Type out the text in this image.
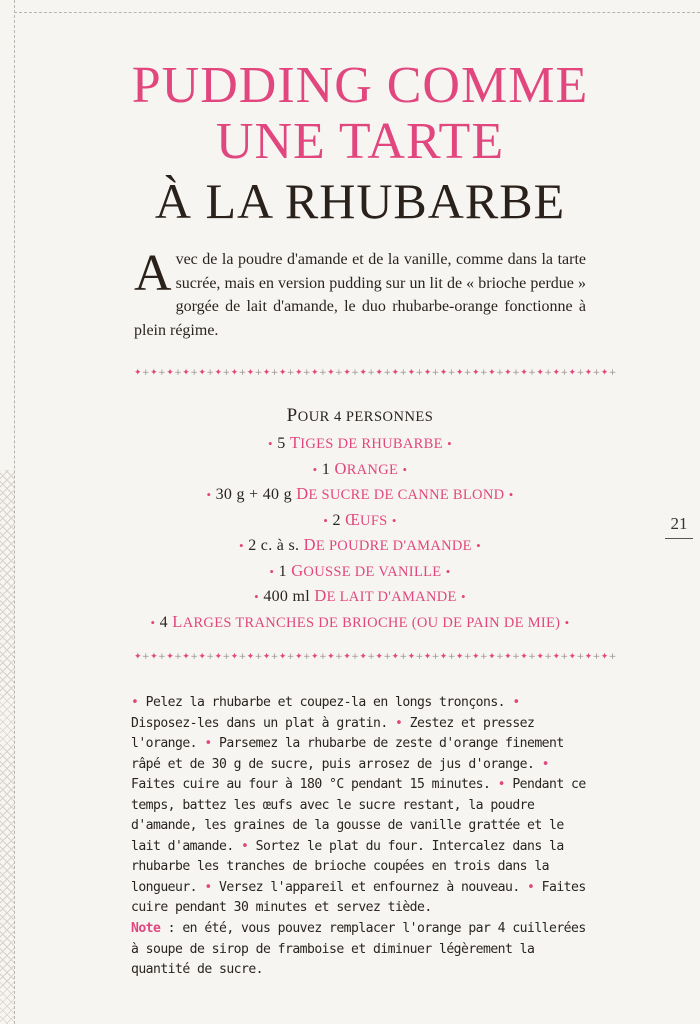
21
PUDDING COMME
UNE TARTE
À LA RHUBARBE

Avec de la poudre d'amande et de la vanille, comme dans la tarte sucrée, mais en version pudding sur un lit de « brioche perdue » gorgée de lait d'amande, le duo rhubarbe-orange fonctionne à plein régime.

✦+✦+✦+✦+✦+✦+✦+✦+✦+✦+✦+✦+✦+✦+✦+✦+✦+✦+✦+✦+✦+✦+✦+✦+✦+✦+✦+✦+✦+✦+

POUR 4 PERSONNES

• 5 TIGES DE RHUBARBE •
• 1 ORANGE •
• 30 g + 40 g DE SUCRE DE CANNE BLOND •
• 2 ŒUFS •
• 2 c. à s. DE POUDRE D'AMANDE •
• 1 GOUSSE DE VANILLE •
• 400 ml DE LAIT D'AMANDE •
• 4 LARGES TRANCHES DE BRIOCHE (OU DE PAIN DE MIE) •
✦+✦+✦+✦+✦+✦+✦+✦+✦+✦+✦+✦+✦+✦+✦+✦+✦+✦+✦+✦+✦+✦+✦+✦+✦+✦+✦+✦+✦+✦+

• Pelez la rhubarbe et coupez-la en longs tronçons. • Disposez-les dans un plat à gratin. • Zestez et pressez l'orange. • Parsemez la rhubarbe de zeste d'orange finement râpé et de 30 g de sucre, puis arrosez de jus d'orange. • Faites cuire au four à 180 °C pendant 15 minutes. • Pendant ce temps, battez les œufs avec le sucre restant, la poudre d'amande, les graines de la gousse de vanille grattée et le lait d'amande. • Sortez le plat du four. Intercalez dans la rhubarbe les tranches de brioche coupées en trois dans la longueur. • Versez l'appareil et enfournez à nouveau. • Faites cuire pendant 30 minutes et servez tiède.

Note : en été, vous pouvez remplacer l'orange par 4 cuillerées à soupe de sirop de framboise et diminuer légèrement la quantité de sucre.
